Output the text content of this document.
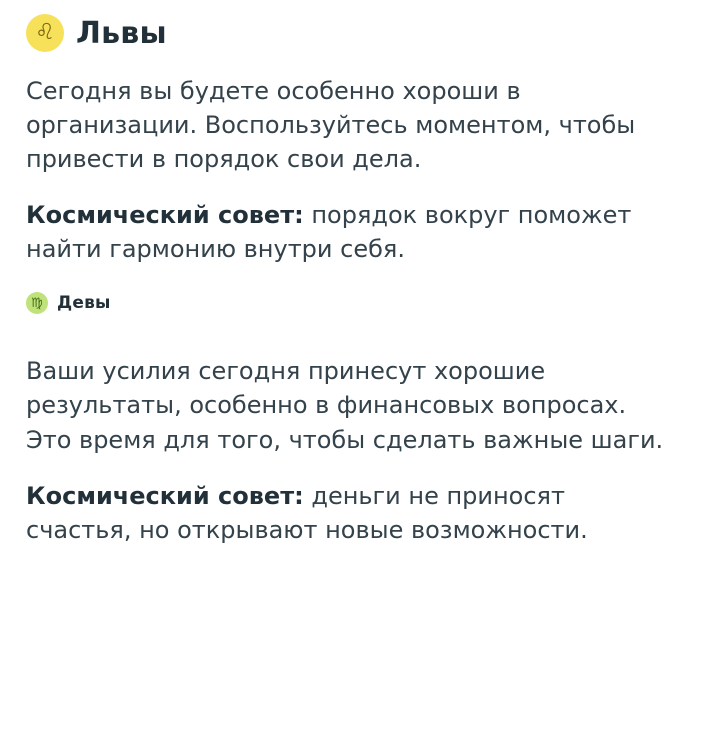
♌ Львы

Сегодня вы будете особенно хороши в организации. Воспользуйтесь моментом, чтобы привести в порядок свои дела.

Космический совет: порядок вокруг поможет найти гармонию внутри себя.

♍ Девы

Ваши усилия сегодня принесут хорошие результаты, особенно в финансовых вопросах. Это время для того, чтобы сделать важные шаги.

Космический совет: деньги не приносят счастья, но открывают новые возможности.
